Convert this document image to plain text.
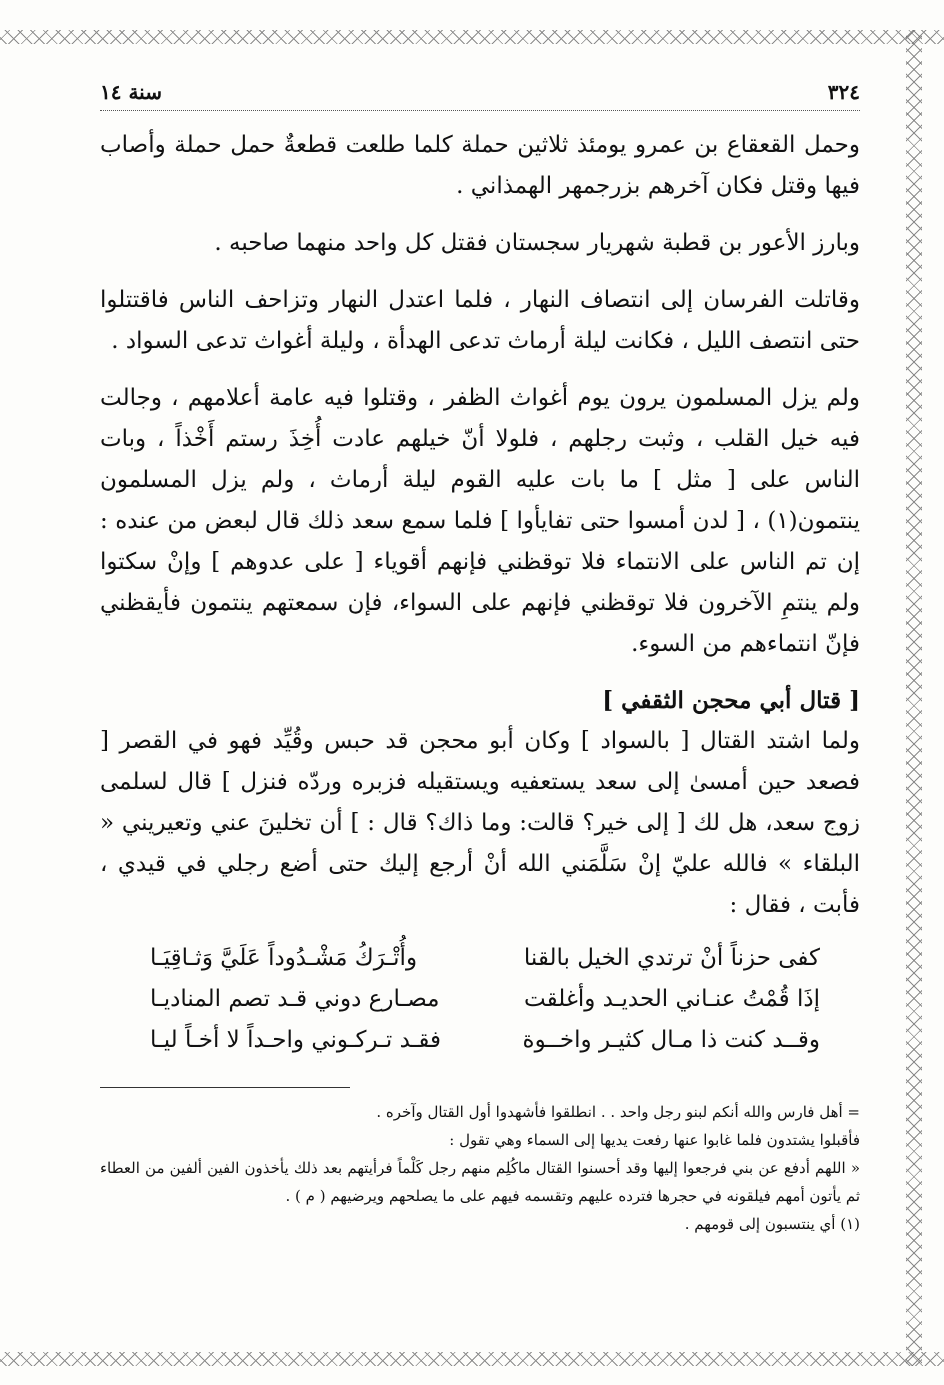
٣٢٤
سنة ١٤

وحمل القعقاع بن عمرو يومئذ ثلاثين حملة كلما طلعت قطعةٌ حمل حملة وأصاب فيها وقتل فكان آخرهم بزرجمهر الهمذاني .

وبارز الأعور بن قطبة شهريار سجستان فقتل كل واحد منهما صاحبه .

وقاتلت الفرسان إلى انتصاف النهار ، فلما اعتدل النهار وتزاحف الناس فاقتتلوا حتى انتصف الليل ، فكانت ليلة أرماث تدعى الهدأة ، وليلة أغواث تدعى السواد .

ولم يزل المسلمون يرون يوم أغواث الظفر ، وقتلوا فيه عامة أعلامهم ، وجالت فيه خيل القلب ، وثبت رجلهم ، فلولا أنّ خيلهم عادت أُخِذَ رستم أَخْذاً ، وبات الناس على [ مثل ] ما بات عليه القوم ليلة أرماث ، ولم يزل المسلمون ينتمون(١) ، [ لدن أمسوا حتى تفايأوا ] فلما سمع سعد ذلك قال لبعض من عنده : إن تم الناس على الانتماء فلا توقظني فإنهم أقوياء [ على عدوهم ] وإنْ سكتوا ولم ينتمِ الآخرون فلا توقظني فإنهم على السواء، فإن سمعتهم ينتمون فأيقظني فإنّ انتماءهم من السوء.

[ قتال أبي محجن الثقفي ]

ولما اشتد القتال [ بالسواد ] وكان أبو محجن قد حبس وقُيِّد فهو في القصر [ فصعد حين أمسىٰ إلى سعد يستعفيه ويستقيله فزبره وردّه فنزل ] قال لسلمى زوج سعد، هل لك [ إلى خير؟ قالت: وما ذاك؟ قال : ] أن تخلينَ عني وتعيريني « البلقاء » فالله عليّ إنْ سَلَّمَني الله أنْ أرجع إليك حتى أضع رجلي في قيدي ، فأبت ، فقال :

كفى حزناً أنْ ترتدي الخيل بالقنا
وأُتْـرَكُ مَشْـدُوداً عَلَيَّ وَثـاقِيَـا
إذَا قُمْتُ عنـاني الحديـد وأغلقت
مصـارع دوني قـد تصم المناديـا
وقــد كنت ذا مـال كثيـر واخــوة
فقـد تـركـوني واحـداً لا أخـاً ليـا
= أهل فارس والله أنكم لبنو رجل واحد . . انطلقوا فأشهدوا أول القتال وآخره .
فأقبلوا يشتدون فلما غابوا عنها رفعت يديها إلى السماء وهي تقول :
« اللهم أدفع عن بني فرجعوا إليها وقد أحسنوا القتال ماكُلِم منهم رجل كَلْماً فرأيتهم بعد ذلك يأخذون الفين ألفين من العطاء ثم يأتون أمهم فيلقونه في حجرها فترده عليهم وتقسمه فيهم على ما يصلحهم ويرضيهم ( م ) .
(١) أي ينتسبون إلى قومهم .
